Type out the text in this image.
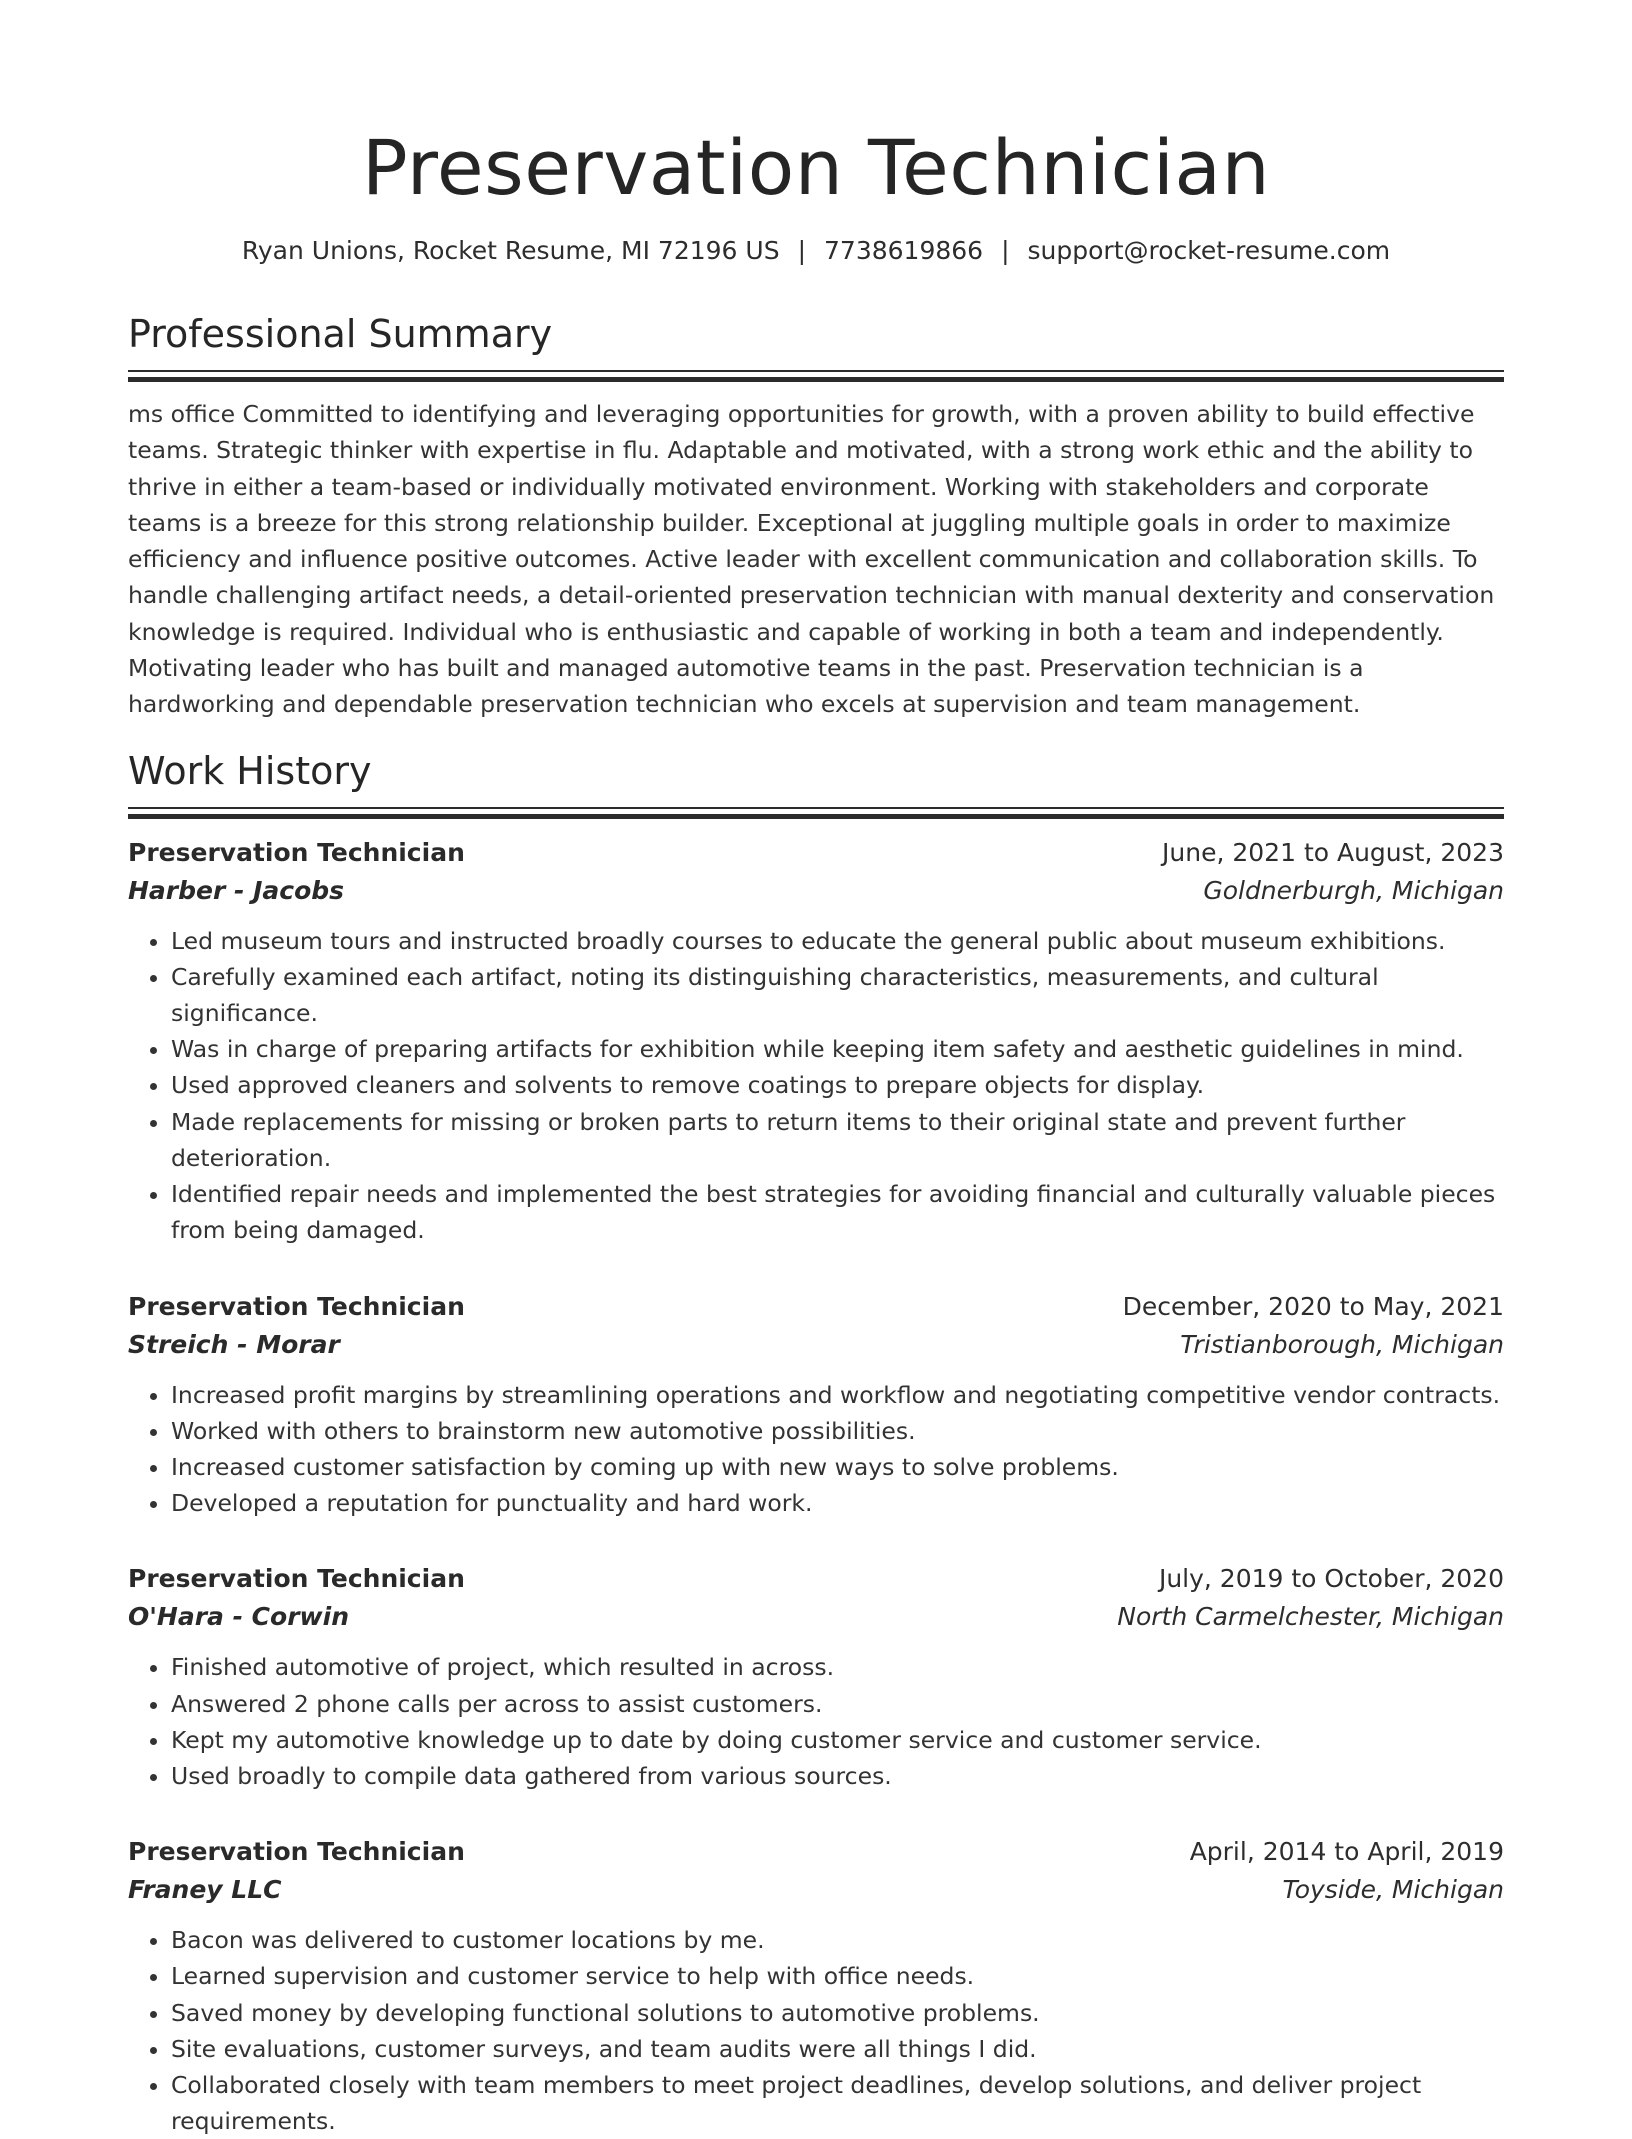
Preservation Technician
Ryan Unions, Rocket Resume, MI 72196 US | 7738619866 | support@rocket-resume.com
Professional Summary

ms office Committed to identifying and leveraging opportunities for growth, with a proven ability to build effective teams. Strategic thinker with expertise in flu. Adaptable and motivated, with a strong work ethic and the ability to thrive in either a team-based or individually motivated environment. Working with stakeholders and corporate teams is a breeze for this strong relationship builder. Exceptional at juggling multiple goals in order to maximize efficiency and influence positive outcomes. Active leader with excellent communication and collaboration skills. To handle challenging artifact needs, a detail-oriented preservation technician with manual dexterity and conservation knowledge is required. Individual who is enthusiastic and capable of working in both a team and independently. Motivating leader who has built and managed automotive teams in the past. Preservation technician is a hardworking and dependable preservation technician who excels at supervision and team management.

Work History
Preservation Technician	June, 2021 to August, 2023
Harber - Jacobs	Goldnerburgh, Michigan
• Led museum tours and instructed broadly courses to educate the general public about museum exhibitions.
• Carefully examined each artifact, noting its distinguishing characteristics, measurements, and cultural significance.
• Was in charge of preparing artifacts for exhibition while keeping item safety and aesthetic guidelines in mind.
• Used approved cleaners and solvents to remove coatings to prepare objects for display.
• Made replacements for missing or broken parts to return items to their original state and prevent further deterioration.
• Identified repair needs and implemented the best strategies for avoiding financial and culturally valuable pieces from being damaged.
Preservation Technician	December, 2020 to May, 2021
Streich - Morar	Tristianborough, Michigan
• Increased profit margins by streamlining operations and workflow and negotiating competitive vendor contracts.
• Worked with others to brainstorm new automotive possibilities.
• Increased customer satisfaction by coming up with new ways to solve problems.
• Developed a reputation for punctuality and hard work.
Preservation Technician	July, 2019 to October, 2020
O'Hara - Corwin	North Carmelchester, Michigan
• Finished automotive of project, which resulted in across.
• Answered 2 phone calls per across to assist customers.
• Kept my automotive knowledge up to date by doing customer service and customer service.
• Used broadly to compile data gathered from various sources.
Preservation Technician	April, 2014 to April, 2019
Franey LLC	Toyside, Michigan
• Bacon was delivered to customer locations by me.
• Learned supervision and customer service to help with office needs.
• Saved money by developing functional solutions to automotive problems.
• Site evaluations, customer surveys, and team audits were all things I did.
• Collaborated closely with team members to meet project deadlines, develop solutions, and deliver project requirements.
